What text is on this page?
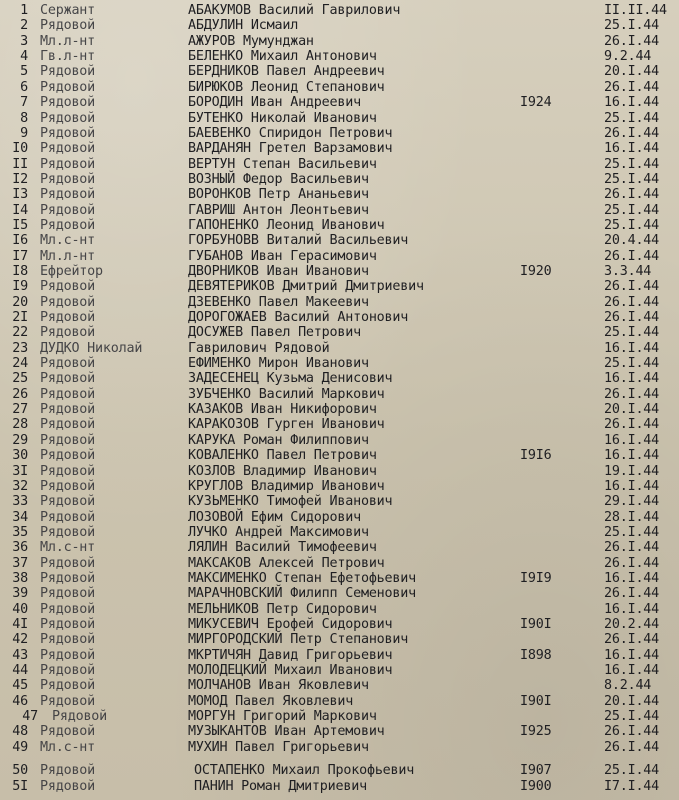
1 Сержант	АБАКУМОВ Василий Гаврилович	II.II.44
2 Рядовой	АБДУЛИН Исмаил	25.I.44
3 Мл.л-нт	АЖУРОВ Мумунджан	26.I.44
4 Гв.л-нт	БЕЛЕНКО Михаил Антонович	9.2.44
5 Рядовой	БЕРДНИКОВ Павел Андреевич	20.I.44
6 Рядовой	БИРЮКОВ Леонид Степанович	26.I.44
7 Рядовой	БОРОДИН Иван Андреевич	I924	16.I.44
8 Рядовой	БУТЕНКО Николай Иванович	25.I.44
9 Рядовой	БАЕВЕНКО Спиридон Петрович	26.I.44
I0 Рядовой	ВАРДАНЯН Гретел Варзамович	16.I.44
II Рядовой	ВЕРТУН Степан Васильевич	25.I.44
I2 Рядовой	ВОЗНЫЙ Федор Васильевич	25.I.44
I3 Рядовой	ВОРОНКОВ Петр Ананьевич	26.I.44
I4 Рядовой	ГАВРИШ Антон Леонтьевич	25.I.44
I5 Рядовой	ГАПОНЕНКО Леонид Иванович	25.I.44
I6 Мл.с-нт	ГОРБУНОВВ Виталий Васильевич	20.4.44
I7 Мл.л-нт	ГУБАНОВ Иван Герасимович	26.I.44
I8 Ефрейтор	ДВОРНИКОВ Иван Иванович	I920	3.3.44
I9 Рядовой	ДЕВЯТЕРИКОВ Дмитрий Дмитриевич	26.I.44
20 Рядовой	ДЗЕВЕНКО Павел Макеевич	26.I.44
2I Рядовой	ДОРОГОЖАЕВ Василий Антонович	26.I.44
22 Рядовой	ДОСУЖЕВ Павел Петрович	25.I.44
23 ДУДКО Николай	Гаврилович Рядовой	16.I.44
24 Рядовой	ЕФИМЕНКО Мирон Иванович	25.I.44
25 Рядовой	ЗАДЕСЕНЕЦ Кузьма Денисович	16.I.44
26 Рядовой	ЗУБЧЕНКО Василий Маркович	26.I.44
27 Рядовой	КАЗАКОВ Иван Никифорович	20.I.44
28 Рядовой	КАРАКОЗОВ Гурген Иванович	26.I.44
29 Рядовой	КАРУКА Роман Филиппович	16.I.44
30 Рядовой	КОВАЛЕНКО Павел Петрович	I9I6	16.I.44
3I Рядовой	КОЗЛОВ Владимир Иванович	19.I.44
32 Рядовой	КРУГЛОВ Владимир Иванович	16.I.44
33 Рядовой	КУЗЬМЕНКО Тимофей Иванович	29.I.44
34 Рядовой	ЛОЗОВОЙ Ефим Сидорович	28.I.44
35 Рядовой	ЛУЧКО Андрей Максимович	25.I.44
36 Мл.с-нт	ЛЯЛИН Василий Тимофеевич	26.I.44
37 Рядовой	МАКСАКОВ Алексей Петрович	26.I.44
38 Рядовой	МАКСИМЕНКО Степан Ефетофьевич	I9I9	16.I.44
39 Рядовой	МАРАЧНОВСКИЙ Филипп Семенович	26.I.44
40 Рядовой	МЕЛЬНИКОВ Петр Сидорович	16.I.44
4I Рядовой	МИКУСЕВИЧ Ерофей Сидорович	I90I	20.2.44
42 Рядовой	МИРГОРОДСКИЙ Петр Степанович	26.I.44
43 Рядовой	МКРТИЧЯН Давид Григорьевич	I898	16.I.44
44 Рядовой	МОЛОДЕЦКИЙ Михаил Иванович	16.I.44
45 Рядовой	МОЛЧАНОВ Иван Яковлевич	8.2.44
46 Рядовой	МОМОД Павел Яковлевич	I90I	20.I.44
47 Рядовой	МОРГУН Григорий Маркович	25.I.44
48 Рядовой	МУЗЫКАНТОВ Иван Артемович	I925	26.I.44
49 Мл.с-нт	МУХИН Павел Григорьевич	26.I.44
50 Рядовой	ОСТАПЕНКО Михаил Прокофьевич	I907	25.I.44
5I Рядовой	ПАНИН Роман Дмитриевич	I900	I7.I.44
